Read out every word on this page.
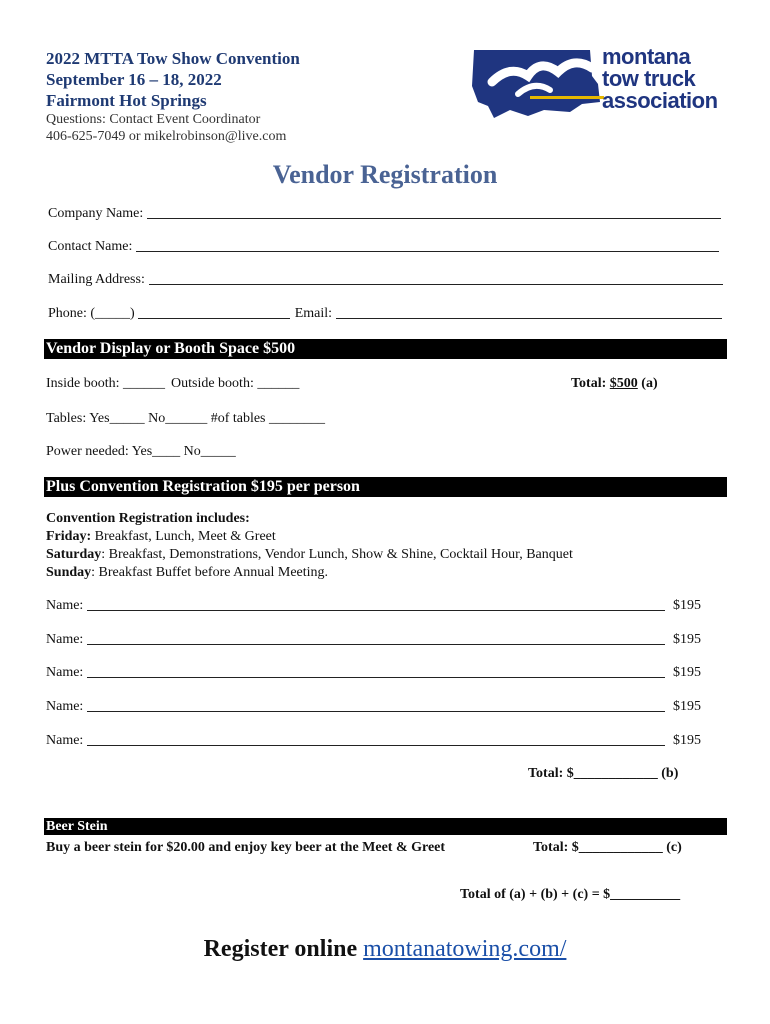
2022 MTTA Tow Show Convention
September 16 – 18, 2022
Fairmont Hot Springs
Questions: Contact Event Coordinator
406-625-7049 or mikelrobinson@live.com
montana
tow truck
association
Vendor Registration
Company Name:
Contact Name:
Mailing Address:
Phone: (_____)	Email:
Vendor Display or Booth Space $500
Inside booth: ______ Outside booth: ______	Total:
$500
(a)
Tables: Yes_____ No______ #of tables ________
Power needed: Yes____ No_____
Plus Convention Registration $195 per person
Convention Registration includes:
Friday: Breakfast, Lunch, Meet & Greet
Saturday: Breakfast, Demonstrations, Vendor Lunch, Show & Shine, Cocktail Hour, Banquet
Sunday: Breakfast Buffet before Annual Meeting.
Name:	$195
Name:	$195
Name:	$195
Name:	$195
Name:	$195
Total: $____________ (b)
Beer Stein
Buy a beer stein for $20.00 and enjoy key beer at the Meet & Greet	Total: $____________ (c)
Total of (a) + (b) + (c) = $__________
Register online montanatowing.com/
